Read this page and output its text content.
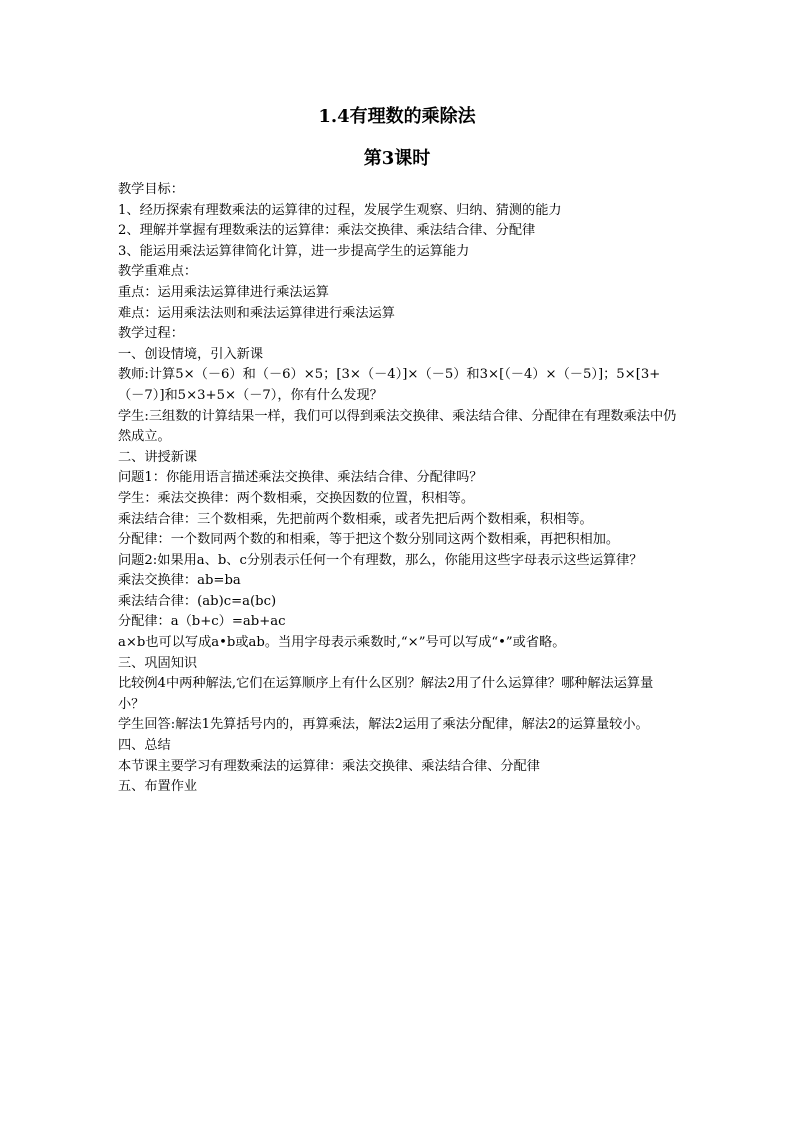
1.4有理数的乘除法
第3课时

教学目标：

1、经历探索有理数乘法的运算律的过程，发展学生观察、归纳、猜测的能力

2、理解并掌握有理数乘法的运算律：乘法交换律、乘法结合律、分配律

3、能运用乘法运算律简化计算，进一步提高学生的运算能力

教学重难点：

重点：运用乘法运算律进行乘法运算

难点：运用乘法法则和乘法运算律进行乘法运算

教学过程：

一、创设情境，引入新课

教师:计算5×（－6）和（－6）×5；[3×（－4）]×（－5）和3×[（－4）×（－5）]；5×[3+（－7）]和5×3+5×（－7），你有什么发现？

学生:三组数的计算结果一样，我们可以得到乘法交换律、乘法结合律、分配律在有理数乘法中仍然成立。

二、讲授新课

问题1：你能用语言描述乘法交换律、乘法结合律、分配律吗？

学生：乘法交换律：两个数相乘，交换因数的位置，积相等。

乘法结合律：三个数相乘，先把前两个数相乘，或者先把后两个数相乘，积相等。

分配律：一个数同两个数的和相乘，等于把这个数分别同这两个数相乘，再把积相加。

问题2:如果用a、b、c分别表示任何一个有理数，那么，你能用这些字母表示这些运算律？

乘法交换律：ab=ba

乘法结合律：(ab)c=a(bc)

分配律：a（b+c）=ab+ac

a×b也可以写成a•b或ab。当用字母表示乘数时,“×”号可以写成“•”或省略。

三、巩固知识

比较例4中两种解法,它们在运算顺序上有什么区别？解法2用了什么运算律？哪种解法运算量小？

学生回答:解法1先算括号内的，再算乘法，解法2运用了乘法分配律，解法2的运算量较小。

四、总结

本节课主要学习有理数乘法的运算律：乘法交换律、乘法结合律、分配律

五、布置作业
